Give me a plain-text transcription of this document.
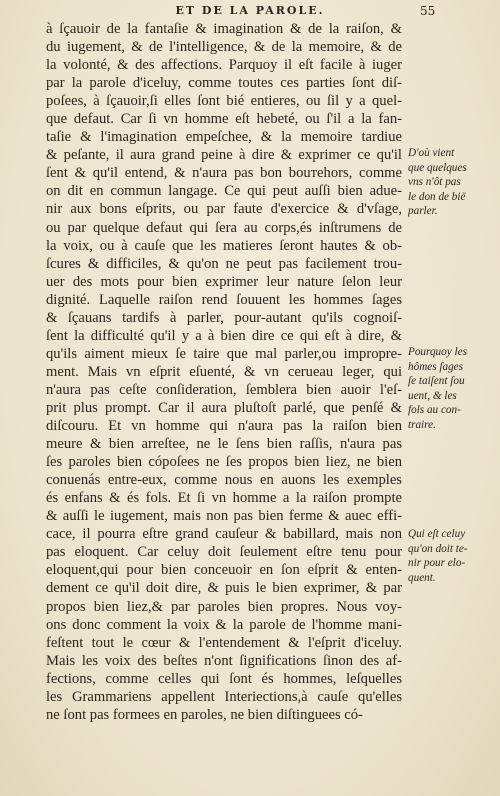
ET DE LA PAROLE.	55
à ſçauoir de la fantaſie & imagination & de la raiſon, &
du iugement, & de l'intelligence, & de la memoire, & de
la volonté, & des affections. Parquoy il eſt facile à iuger
par la parole d'iceluy, comme toutes ces parties ſont diſ-
poſees, à ſçauoir,ſi elles ſont bié entieres, ou ſil y a quel-
que defaut. Car ſi vn homme eſt hebeté, ou ſ'il a la fan-
taſie & l'imagination empeſchee, & la memoire tardiue
& peſante, il aura grand peine à dire & exprimer ce qu'il
ſent & qu'il entend, & n'aura pas bon bouтehors, comme
on dit en commun langage. Ce qui peut auſſi bien adue-
nir aux bons eſprits, ou par faute d'exercice & d'vſage,
ou par quelque defaut qui ſera au corps,és inſtrumens de
la voix, ou à cauſe que les matieres ſeront hautes & ob-
ſcures & difficiles, & qu'on ne peut pas facilement trou-
uer des mots pour bien exprimer leur nature ſelon leur
dignité. Laquelle raiſon rend ſouuent les hommes ſages
& ſçauans tardifs à parler, pour-autant qu'ils cognoiſ-
ſent la difficulté qu'il y a à bien dire ce qui eſt à dire, &
qu'ils aiment mieux ſe taire que mal parler,ou impropre-
ment. Mais vn eſprit eſuenté, & vn cerueau leger, qui
n'aura pas ceſte conſideration, ſemblera bien auoir l'eſ-
prit plus prompt. Car il aura pluſtoſt parlé, que penſé &
diſcouru. Et vn homme qui n'aura pas la raiſon bien
meure & bien arreſtee, ne le ſens bien raſſis, n'aura pas
ſes paroles bien cópoſees ne ſes propos bien liez, ne bien
conuenás entre-eux, comme nous en auons les exemples
és enfans & és fols. Et ſi vn homme a la raiſon prompte
& auſſi le iugement, mais non pas bien ferme & auec effi-
cace, il pourra eſtre grand cauſeur & babillard, mais non
pas eloquent. Car celuy doit ſeulement eſtre tenu pour
eloquent,qui pour bien conceuoir en ſon eſprit & enten-
dement ce qu'il doit dire, & puis le bien exprimer, & par
propos bien liez,& par paroles bien propres. Nous voy-
ons donc comment la voix & la parole de l'homme mani-
feſtent tout le cœur & l'entendement & l'eſprit d'iceluy.
Mais les voix des beſtes n'ont ſignifications ſinon des af-
fections, comme celles qui ſont és hommes, leſquelles
les Grammariens appellent Interiections,à cauſe qu'elles
ne ſont pas formees en paroles, ne bien diſtinguees có-
D'où vient
que quelques
vns n'ôt pas
le don de bië
parler.
Pourquoy les
hômes ſages
ſe taiſent ſou
uent, & les
fols au con-
traire.
Qui eſt celuy
qu'on doit te-
nir pour elo-
quent.
